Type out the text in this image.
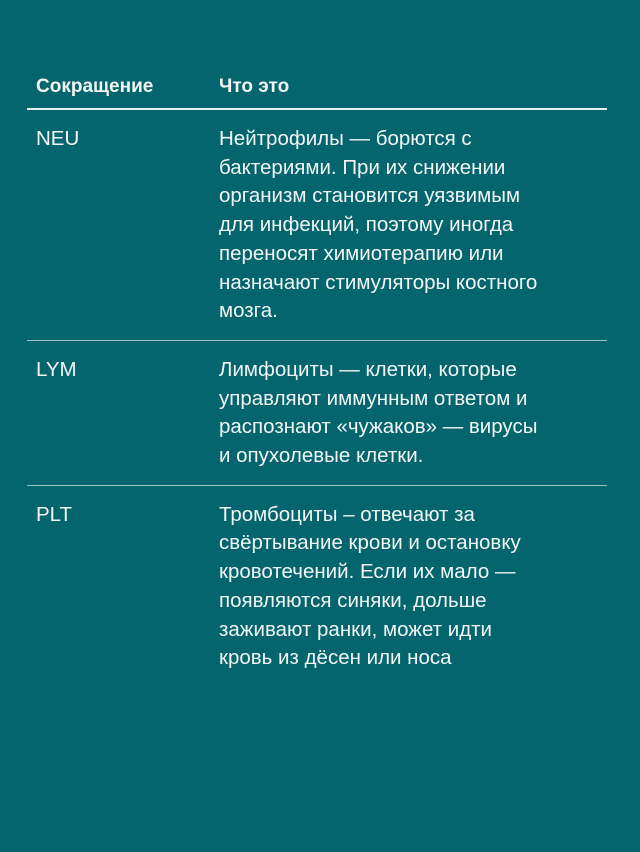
Сокращение	Что это
NEU	Нейтрофилы — борются с
бактериями. При их снижении
организм становится уязвимым
для инфекций, поэтому иногда
переносят химиотерапию или
назначают стимуляторы костного
мозга.
LYM	Лимфоциты — клетки, которые
управляют иммунным ответом и
распознают «чужаков» — вирусы
и опухолевые клетки.
PLT	Тромбоциты – отвечают за
свёртывание крови и остановку
кровотечений. Если их мало —
появляются синяки, дольше
заживают ранки, может идти
кровь из дёсен или носа
